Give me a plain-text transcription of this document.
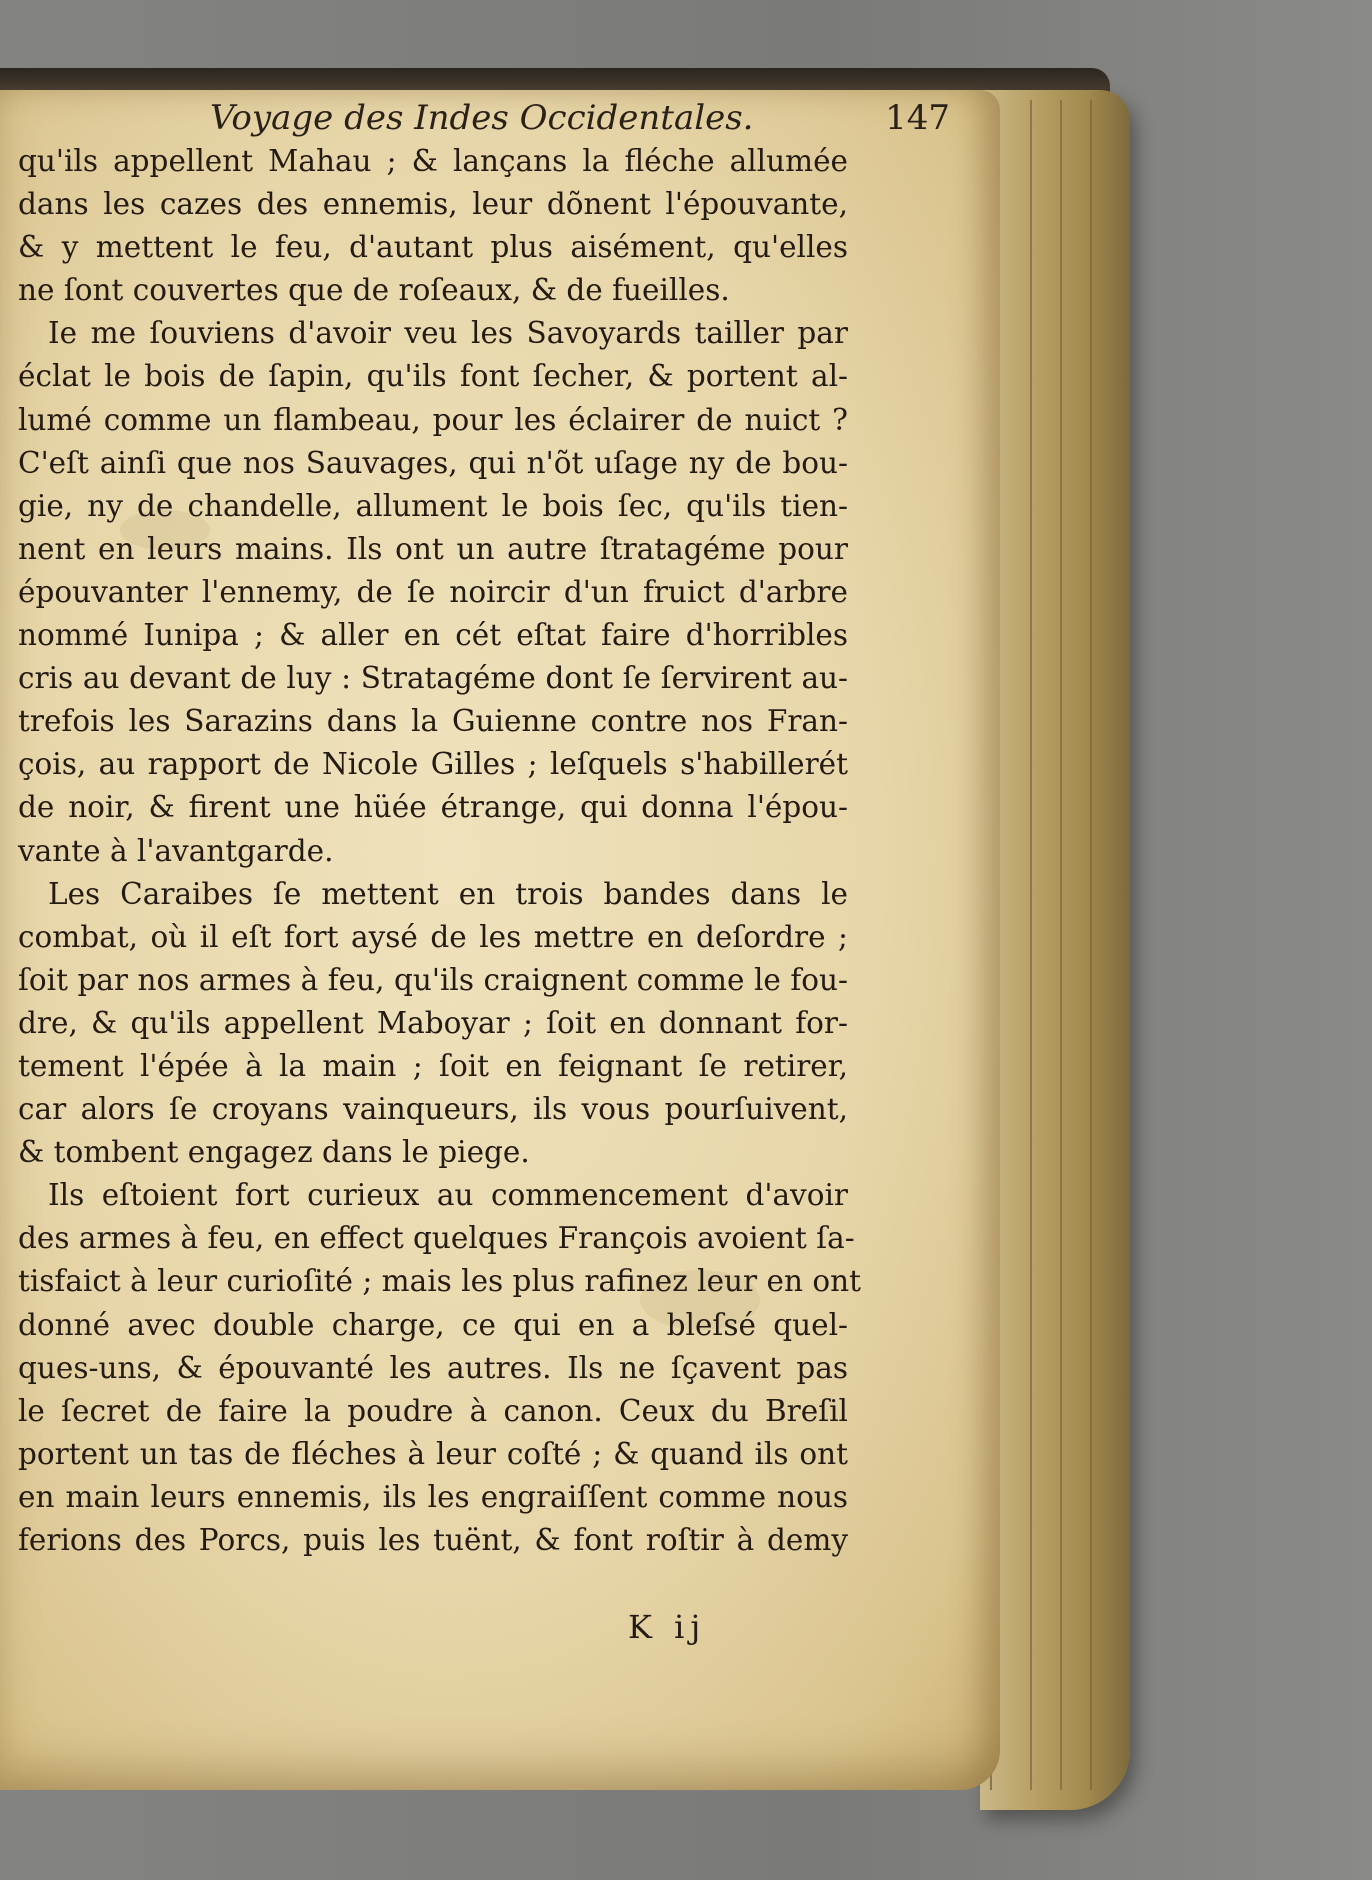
Voyage des Indes Occidentales.	147
qu'ils appellent Mahau ; & lançans la fléche allumée
dans les cazes des ennemis, leur dõnent l'épouvante,
& y mettent le feu, d'autant plus aisément, qu'elles
ne ſont couvertes que de roſeaux, & de fueilles.
Ie me ſouviens d'avoir veu les Savoyards tailler par
éclat le bois de ſapin, qu'ils font ſecher, & portent al-
lumé comme un flambeau, pour les éclairer de nuict ?
C'eſt ainſi que nos Sauvages, qui n'õt uſage ny de bou-
gie, ny de chandelle, allument le bois ſec, qu'ils tien-
nent en leurs mains. Ils ont un autre ſtratagéme pour
épouvanter l'ennemy, de ſe noircir d'un fruict d'arbre
nommé Iunipa ; & aller en cét eſtat faire d'horribles
cris au devant de luy : Stratagéme dont ſe ſervirent au-
trefois les Sarazins dans la Guienne contre nos Fran-
çois, au rapport de Nicole Gilles ; leſquels s'habillerét
de noir, & firent une hüée étrange, qui donna l'épou-
vante à l'avantgarde.
Les Caraibes ſe mettent en trois bandes dans le
combat, où il eſt fort aysé de les mettre en deſordre ;
ſoit par nos armes à feu, qu'ils craignent comme le fou-
dre, & qu'ils appellent Maboyar ; ſoit en donnant for-
tement l'épée à la main ; ſoit en feignant ſe retirer,
car alors ſe croyans vainqueurs, ils vous pourſuivent,
& tombent engagez dans le piege.
Ils eſtoient fort curieux au commencement d'avoir
des armes à feu, en effect quelques François avoient ſa-
tisfaict à leur curioſité ; mais les plus rafinez leur en ont
donné avec double charge, ce qui en a bleſsé quel-
ques-uns, & épouvanté les autres. Ils ne ſçavent pas
le ſecret de faire la poudre à canon. Ceux du Breſil
portent un tas de fléches à leur coſté ; & quand ils ont
en main leurs ennemis, ils les engraiſſent comme nous
ferions des Porcs, puis les tuënt, & font roſtir à demy
K ij
